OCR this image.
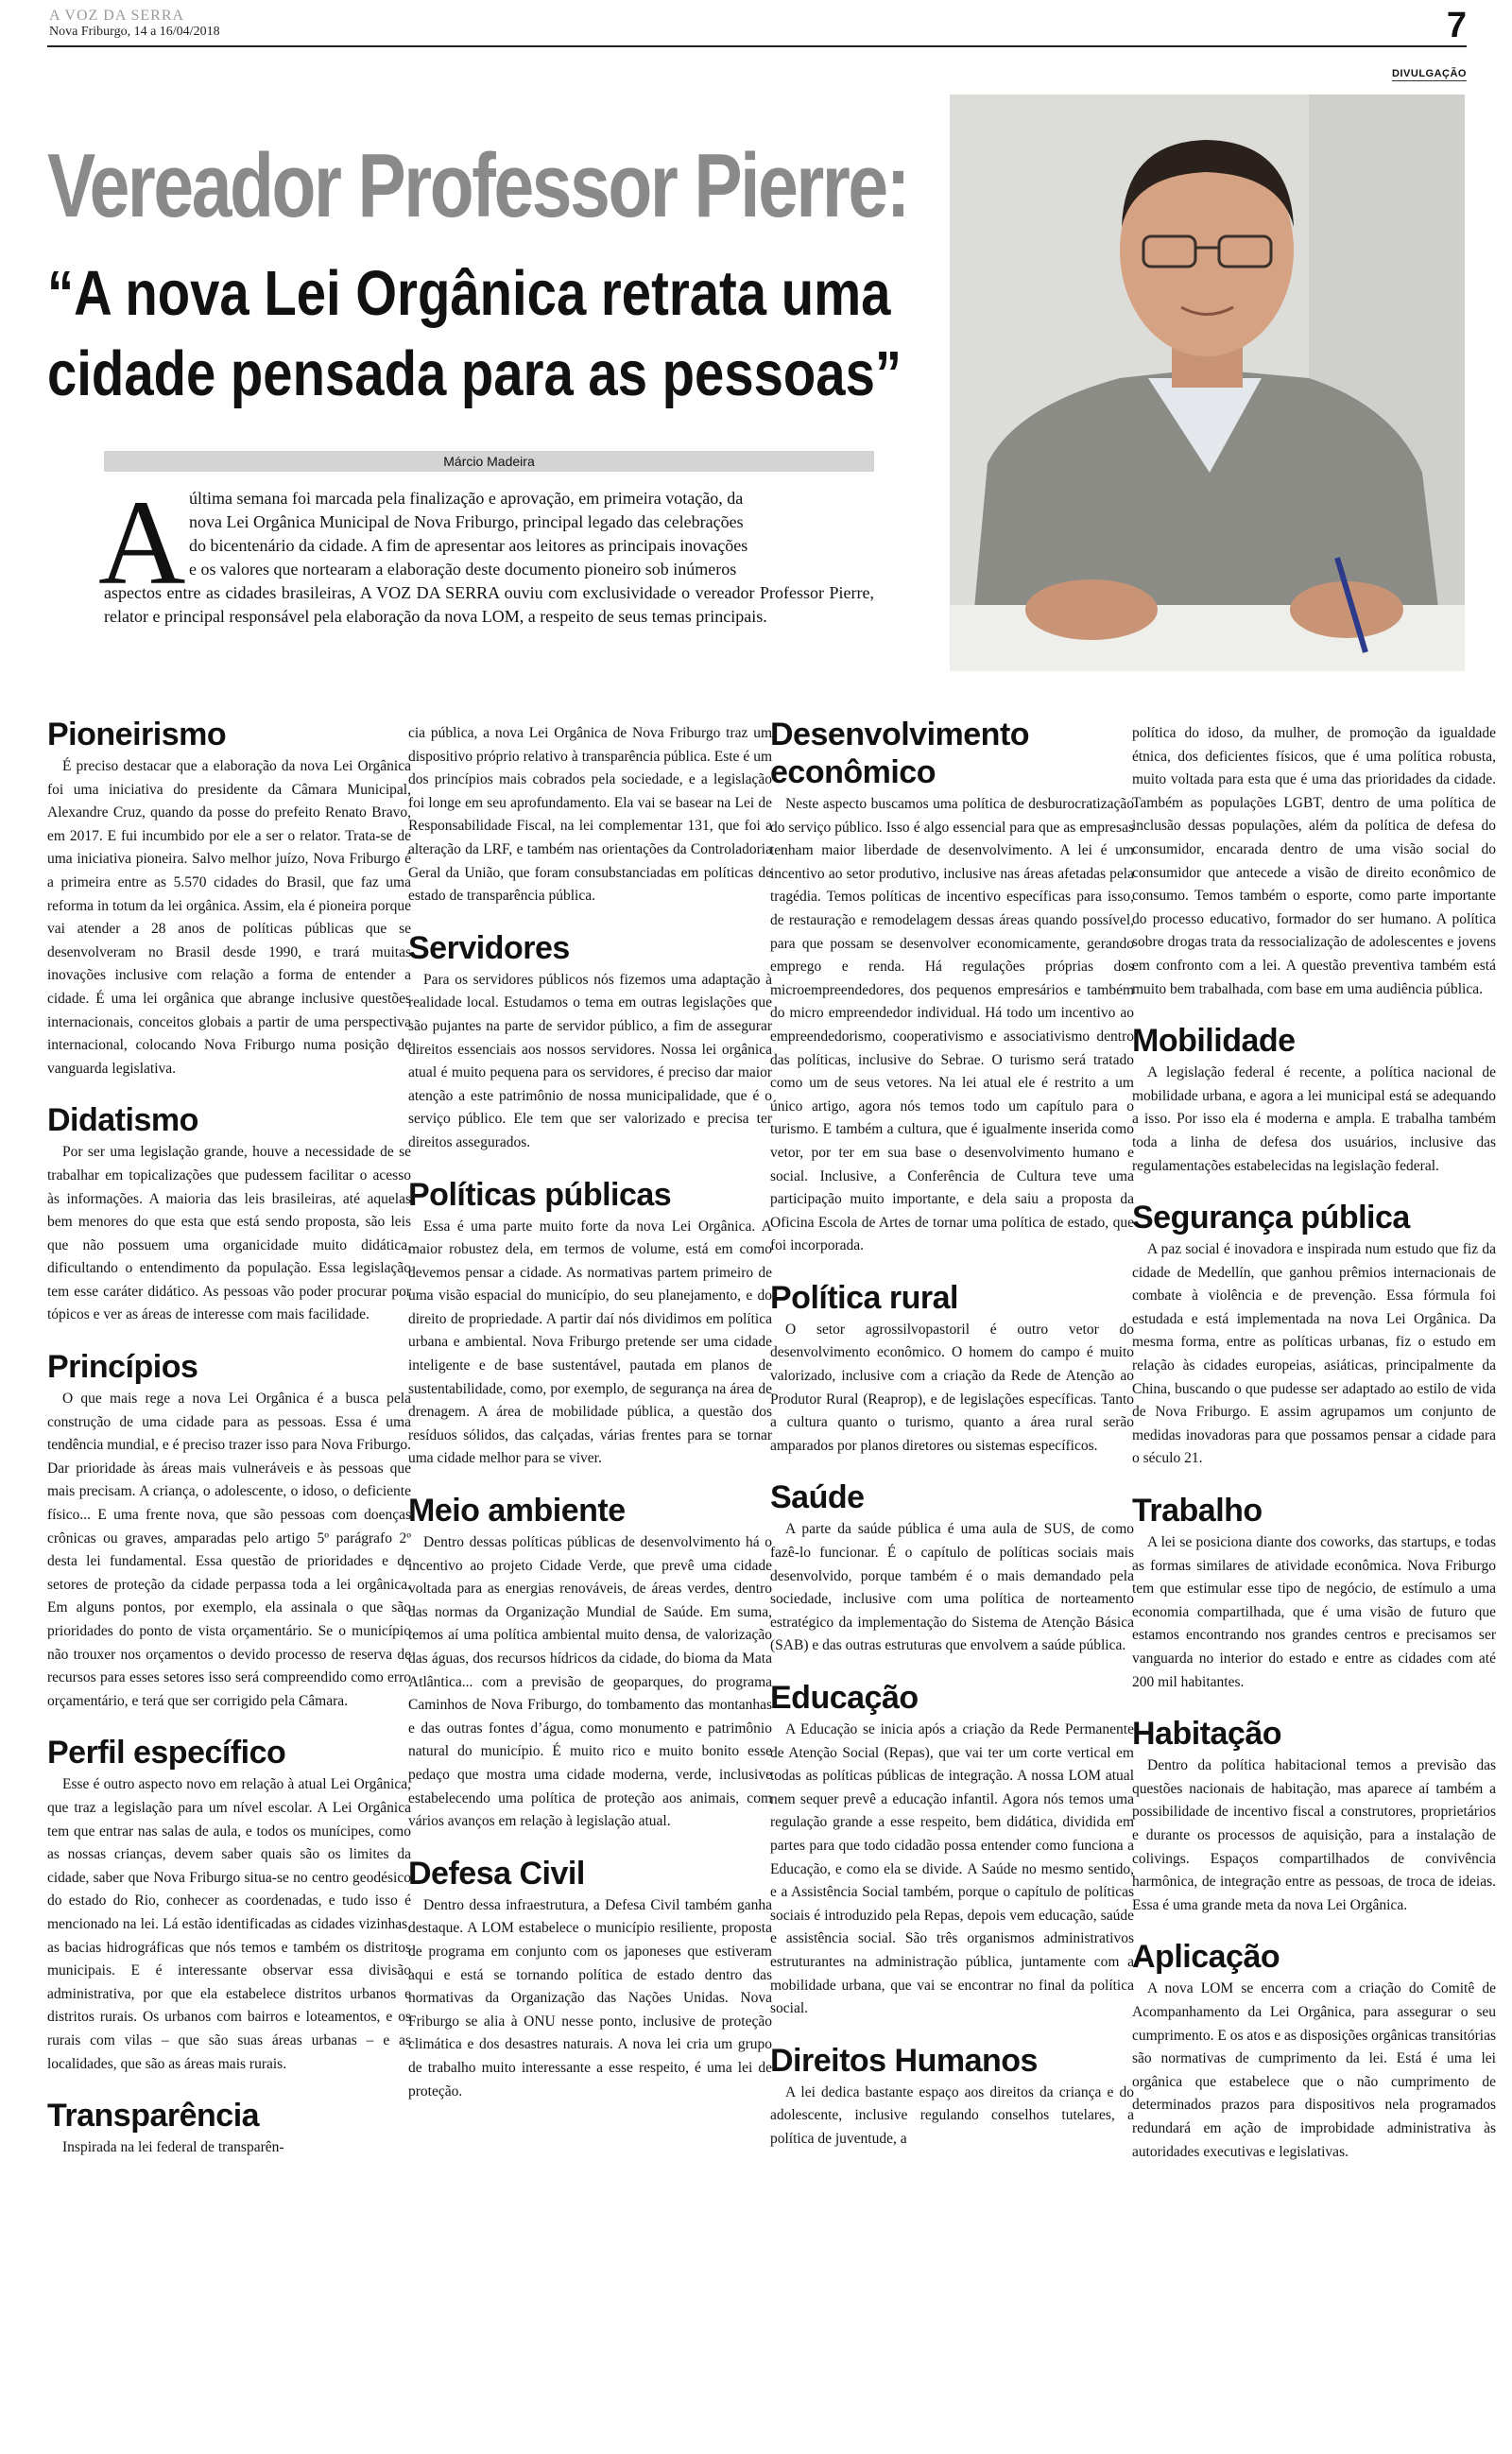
A VOZ DA SERRA
Nova Friburgo, 14 a 16/04/2018	7
DIVULGAÇÃO
Vereador Professor Pierre:
“A nova Lei Orgânica retrata uma
cidade pensada para as pessoas”
Márcio Madeira
A última semana foi marcada pela finalização e aprovação, em primeira votação, da

nova Lei Orgânica Municipal de Nova Friburgo, principal legado das celebrações

do bicentenário da cidade. A fim de apresentar aos leitores as principais inovações

e os valores que nortearam a elaboração deste documento pioneiro sob inúmeros

aspectos entre as cidades brasileiras, A VOZ DA SERRA ouviu com exclusividade o vereador Professor Pierre, relator e principal responsável pela elaboração da nova LOM, a respeito de seus temas principais.

Pioneirismo

É preciso destacar que a elaboração da nova Lei Orgânica foi uma iniciativa do presidente da Câmara Municipal, Alexandre Cruz, quando da posse do prefeito Renato Bravo, em 2017. E fui incumbido por ele a ser o relator. Trata-se de uma iniciativa pioneira. Salvo melhor juízo, Nova Friburgo é a primeira entre as 5.570 cidades do Brasil, que faz uma reforma in totum da lei orgânica. Assim, ela é pioneira porque vai atender a 28 anos de políticas públicas que se desenvolveram no Brasil desde 1990, e trará muitas inovações inclusive com relação a forma de entender a cidade. É uma lei orgânica que abrange inclusive questões internacionais, conceitos globais a partir de uma perspectiva internacional, colocando Nova Friburgo numa posição de vanguarda legislativa.

Didatismo

Por ser uma legislação grande, houve a necessidade de se trabalhar em topicalizações que pudessem facilitar o acesso às informações. A maioria das leis brasileiras, até aquelas bem menores do que esta que está sendo proposta, são leis que não possuem uma organicidade muito didática, dificultando o entendimento da população. Essa legislação tem esse caráter didático. As pessoas vão poder procurar por tópicos e ver as áreas de interesse com mais facilidade.

Princípios

O que mais rege a nova Lei Orgânica é a busca pela construção de uma cidade para as pessoas. Essa é uma tendência mundial, e é preciso trazer isso para Nova Friburgo. Dar prioridade às áreas mais vulneráveis e às pessoas que mais precisam. A criança, o adolescente, o idoso, o deficiente físico... E uma frente nova, que são pessoas com doenças crônicas ou graves, amparadas pelo artigo 5º parágrafo 2º desta lei fundamental. Essa questão de prioridades e de setores de proteção da cidade perpassa toda a lei orgânica. Em alguns pontos, por exemplo, ela assinala o que são prioridades do ponto de vista orçamentário. Se o município não trouxer nos orçamentos o devido processo de reserva de recursos para esses setores isso será compreendido como erro orçamentário, e terá que ser corrigido pela Câmara.

Perfil específico

Esse é outro aspecto novo em relação à atual Lei Orgânica, que traz a legislação para um nível escolar. A Lei Orgânica tem que entrar nas salas de aula, e todos os munícipes, como as nossas crianças, devem saber quais são os limites da cidade, saber que Nova Friburgo situa-se no centro geodésico do estado do Rio, conhecer as coordenadas, e tudo isso é mencionado na lei. Lá estão identificadas as cidades vizinhas, as bacias hidrográficas que nós temos e também os distritos municipais. E é interessante observar essa divisão administrativa, por que ela estabelece distritos urbanos e distritos rurais. Os urbanos com bairros e loteamentos, e os rurais com vilas – que são suas áreas urbanas – e as localidades, que são as áreas mais rurais.

Transparência

Inspirada na lei federal de transparên-

cia pública, a nova Lei Orgânica de Nova Friburgo traz um dispositivo próprio relativo à transparência pública. Este é um dos princípios mais cobrados pela sociedade, e a legislação foi longe em seu aprofundamento. Ela vai se basear na Lei de Responsabilidade Fiscal, na lei complementar 131, que foi a alteração da LRF, e também nas orientações da Controladoria Geral da União, que foram consubstanciadas em políticas de estado de transparência pública.

Servidores

Para os servidores públicos nós fizemos uma adaptação à realidade local. Estudamos o tema em outras legislações que são pujantes na parte de servidor público, a fim de assegurar direitos essenciais aos nossos servidores. Nossa lei orgânica atual é muito pequena para os servidores, é preciso dar maior atenção a este patrimônio de nossa municipalidade, que é o serviço público. Ele tem que ser valorizado e precisa ter direitos assegurados.

Políticas públicas

Essa é uma parte muito forte da nova Lei Orgânica. A maior robustez dela, em termos de volume, está em como devemos pensar a cidade. As normativas partem primeiro de uma visão espacial do município, do seu planejamento, e do direito de propriedade. A partir daí nós dividimos em política urbana e ambiental. Nova Friburgo pretende ser uma cidade inteligente e de base sustentável, pautada em planos de sustentabilidade, como, por exemplo, de segurança na área de drenagem. A área de mobilidade pública, a questão dos resíduos sólidos, das calçadas, várias frentes para se tornar uma cidade melhor para se viver.

Meio ambiente

Dentro dessas políticas públicas de desenvolvimento há o incentivo ao projeto Cidade Verde, que prevê uma cidade voltada para as energias renováveis, de áreas verdes, dentro das normas da Organização Mundial de Saúde. Em suma, temos aí uma política ambiental muito densa, de valorização das águas, dos recursos hídricos da cidade, do bioma da Mata Atlântica... com a previsão de geoparques, do programa Caminhos de Nova Friburgo, do tombamento das montanhas e das outras fontes d’água, como monumento e patrimônio natural do município. É muito rico e muito bonito esse pedaço que mostra uma cidade moderna, verde, inclusive estabelecendo uma política de proteção aos animais, com vários avanços em relação à legislação atual.

Defesa Civil

Dentro dessa infraestrutura, a Defesa Civil também ganha destaque. A LOM estabelece o município resiliente, proposta de programa em conjunto com os japoneses que estiveram aqui e está se tornando política de estado dentro das normativas da Organização das Nações Unidas. Nova Friburgo se alia à ONU nesse ponto, inclusive de proteção climática e dos desastres naturais. A nova lei cria um grupo de trabalho muito interessante a esse respeito, é uma lei de proteção.

Desenvolvimento
econômico

Neste aspecto buscamos uma política de desburocratização do serviço público. Isso é algo essencial para que as empresas tenham maior liberdade de desenvolvimento. A lei é um incentivo ao setor produtivo, inclusive nas áreas afetadas pela tragédia. Temos políticas de incentivo específicas para isso, de restauração e remodelagem dessas áreas quando possível, para que possam se desenvolver economicamente, gerando emprego e renda. Há regulações próprias dos microempreendedores, dos pequenos empresários e também do micro empreendedor individual. Há todo um incentivo ao empreendedorismo, cooperativismo e associativismo dentro das políticas, inclusive do Sebrae. O turismo será tratado como um de seus vetores. Na lei atual ele é restrito a um único artigo, agora nós temos todo um capítulo para o turismo. E também a cultura, que é igualmente inserida como vetor, por ter em sua base o desenvolvimento humano e social. Inclusive, a Conferência de Cultura teve uma participação muito importante, e dela saiu a proposta da Oficina Escola de Artes de tornar uma política de estado, que foi incorporada.

Política rural

O setor agrossilvopastoril é outro vetor do desenvolvimento econômico. O homem do campo é muito valorizado, inclusive com a criação da Rede de Atenção ao Produtor Rural (Reaprор), e de legislações específicas. Tanto a cultura quanto o turismo, quanto a área rural serão amparados por planos diretores ou sistemas específicos.

Saúde

A parte da saúde pública é uma aula de SUS, de como fazê-lo funcionar. É o capítulo de políticas sociais mais desenvolvido, porque também é o mais demandado pela sociedade, inclusive com uma política de norteamento estratégico da implementação do Sistema de Atenção Básica (SAB) e das outras estruturas que envolvem a saúde pública.

Educação

A Educação se inicia após a criação da Rede Permanente de Atenção Social (Repas), que vai ter um corte vertical em todas as políticas públicas de integração. A nossa LOM atual nem sequer prevê a educação infantil. Agora nós temos uma regulação grande a esse respeito, bem didática, dividida em partes para que todo cidadão possa entender como funciona a Educação, e como ela se dividе. A Saúde no mesmo sentido, e a Assistência Social também, porque o capítulo de políticas sociais é introduzido pela Repas, depois vem educação, saúde e assistência social. São três organismos administrativos estruturantes na administração pública, juntamente com a mobilidade urbana, que vai se encontrar no final da política social.

Direitos Humanos

A lei dedica bastante espaço aos direitos da criança e do adolescente, inclusive regulando conselhos tutelares, a política de juventude, a

política do idoso, da mulher, de promoção da igualdade étnica, dos deficientes físicos, que é uma política robusta, muito voltada para esta que é uma das prioridades da cidade. Também as populações LGBT, dentro de uma política de inclusão dessas populações, além da política de defesa do consumidor, encarada dentro de uma visão social do consumidor que antecede a visão de direito econômico de consumo. Temos também o esporte, como parte importante do processo educativo, formador do ser humano. A política sobre drogas trata da ressocialização de adolescentes e jovens em confronto com a lei. A questão preventiva também está muito bem trabalhada, com base em uma audiência pública.

Mobilidade

A legislação federal é recente, a política nacional de mobilidade urbana, e agora a lei municipal está se adequando a isso. Por isso ela é moderna e ampla. E trabalha também toda a linha de defesa dos usuários, inclusive das regulamentações estabelecidas na legislação federal.

Segurança pública

A paz social é inovadora e inspirada num estudo que fiz da cidade de Medellín, que ganhou prêmios internacionais de combate à violência e de prevenção. Essa fórmula foi estudada e está implementada na nova Lei Orgânica. Da mesma forma, entre as políticas urbanas, fiz o estudo em relação às cidades europeias, asiáticas, principalmente da China, buscando o que pudesse ser adaptado ao estilo de vida de Nova Friburgo. E assim agrupamos um conjunto de medidas inovadoras para que possamos pensar a cidade para o século 21.

Trabalho

A lei se posiciona diante dos coworks, das startups, e todas as formas similares de atividade econômica. Nova Friburgo tem que estimular esse tipo de negócio, de estímulo a uma economia compartilhada, que é uma visão de futuro que estamos encontrando nos grandes centros e precisamos ser vanguarda no interior do estado e entre as cidades com até 200 mil habitantes.

Habitação

Dentro da política habitacional temos a previsão das questões nacionais de habitação, mas aparece aí também a possibilidade de incentivo fiscal a construtores, proprietários e durante os processos de aquisição, para a instalação de colivings. Espaços compartilhados de convivência harmônica, de integração entre as pessoas, de troca de ideias. Essa é uma grande meta da nova Lei Orgânica.

Aplicação

A nova LOM se encerra com a criação do Comitê de Acompanhamento da Lei Orgânica, para assegurar o seu cumprimento. E os atos e as disposições orgânicas transitórias são normativas de cumprimento da lei. Está é uma lei orgânica que estabelece que o não cumprimento de determinados prazos para dispositivos nela programados redundará em ação de improbidade administrativa às autoridades executivas e legislativas.
